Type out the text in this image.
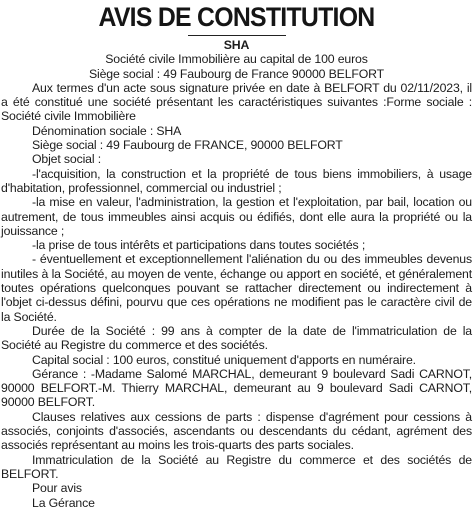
AVIS DE CONSTITUTION

SHA

Société civile Immobilière au capital de 100 euros

Siège social : 49 Faubourg de France 90000 BELFORT

Aux termes d'un acte sous signature privée en date à BELFORT du 02/11/2023, il a été constitué une société présentant les caractéristiques suivantes :Forme sociale : Société civile Immobilière

Dénomination sociale : SHA

Siège social : 49 Faubourg de FRANCE, 90000 BELFORT

Objet social :

-l'acquisition, la construction et la propriété de tous biens immobiliers, à usage d'habitation, professionnel, commercial ou industriel ;

-la mise en valeur, l'administration, la gestion et l'exploitation, par bail, location ou autrement, de tous immeubles ainsi acquis ou édifiés, dont elle aura la propriété ou la jouissance ;

-la prise de tous intérêts et participations dans toutes sociétés ;

- éventuellement et exceptionnellement l'aliénation du ou des immeubles devenus inutiles à la Société, au moyen de vente, échange ou apport en société, et généralement toutes opérations quelconques pouvant se rattacher directement ou indirectement à l'objet ci-dessus défini, pourvu que ces opérations ne modifient pas le caractère civil de la Société.

Durée de la Société : 99 ans à compter de la date de l'immatriculation de la Société au Registre du commerce et des sociétés.

Capital social : 100 euros, constitué uniquement d'apports en numéraire.

Gérance : -Madame Salomé MARCHAL, demeurant 9 boulevard Sadi CARNOT, 90000 BELFORT.-M. Thierry MARCHAL, demeurant au 9 boulevard Sadi CARNOT, 90000 BELFORT.

Clauses relatives aux cessions de parts : dispense d'agrément pour cessions à associés, conjoints d'associés, ascendants ou descendants du cédant, agrément des associés représentant au moins les trois-quarts des parts sociales.

Immatriculation de la Société au Registre du commerce et des sociétés de BELFORT.

Pour avis

La Gérance
